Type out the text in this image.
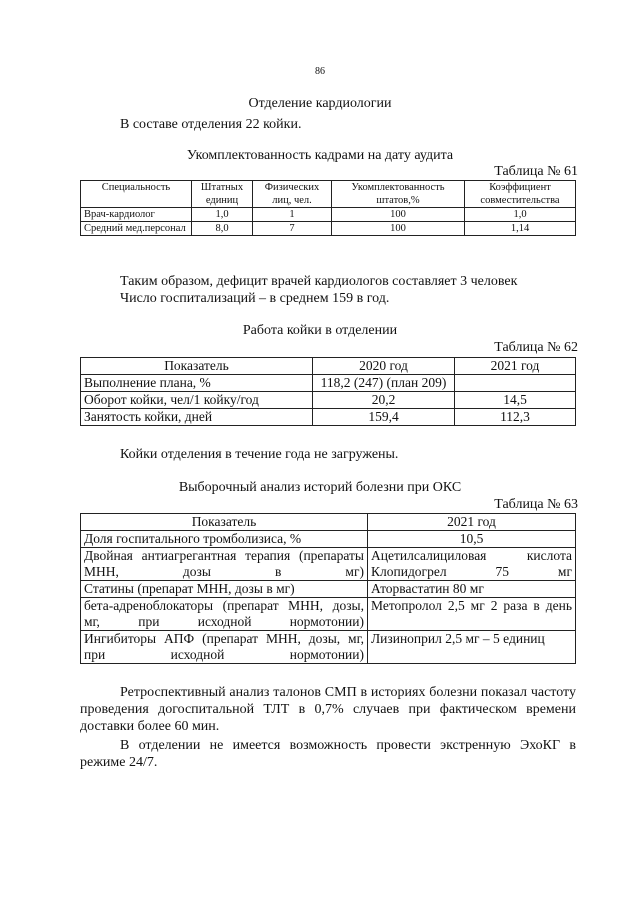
86
Отделение кардиологии
В составе отделения 22 койки.
Укомплектованность кадрами на дату аудита
Таблица № 61
Специальность	Штатных единиц	Физических лиц, чел.	Укомплектованность штатов,%	Коэффициент совместительства
Врач-кардиолог	1,0	1	100	1,0
Средний мед.персонал	8,0	7	100	1,14
Таким образом, дефицит врачей кардиологов составляет 3 человек
Число госпитализаций – в среднем 159 в год.
Работа койки в отделении
Таблица № 62
Показатель	2020 год	2021 год
Выполнение плана, %	118,2 (247) (план 209)	
Оборот койки, чел/1 койку/год	20,2	14,5
Занятость койки, дней	159,4	112,3
Койки отделения в течение года не загружены.
Выборочный анализ историй болезни при ОКС
Таблица № 63
Показатель	2021 год
Доля госпитального тромболизиса, %	10,5
Двойная антиагрегантная терапия (препараты МНН, дозы в мг)	Ацетилсалициловая кислота Клопидогрел 75 мг
Статины (препарат МНН, дозы в мг)	Аторвастатин 80 мг
бета-адреноблокаторы (препарат МНН, дозы, мг, при исходной нормотонии)	Метопролол 2,5 мг 2 раза в день
Ингибиторы АПФ (препарат МНН, дозы, мг, при исходной нормотонии)	Лизиноприл 2,5 мг – 5 единиц
Ретроспективный анализ талонов СМП в историях болезни показал частоту проведения догоспитальной ТЛТ в 0,7% случаев при фактическом времени доставки более 60 мин.
В отделении не имеется возможность провести экстренную ЭхоКГ в режиме 24/7.
